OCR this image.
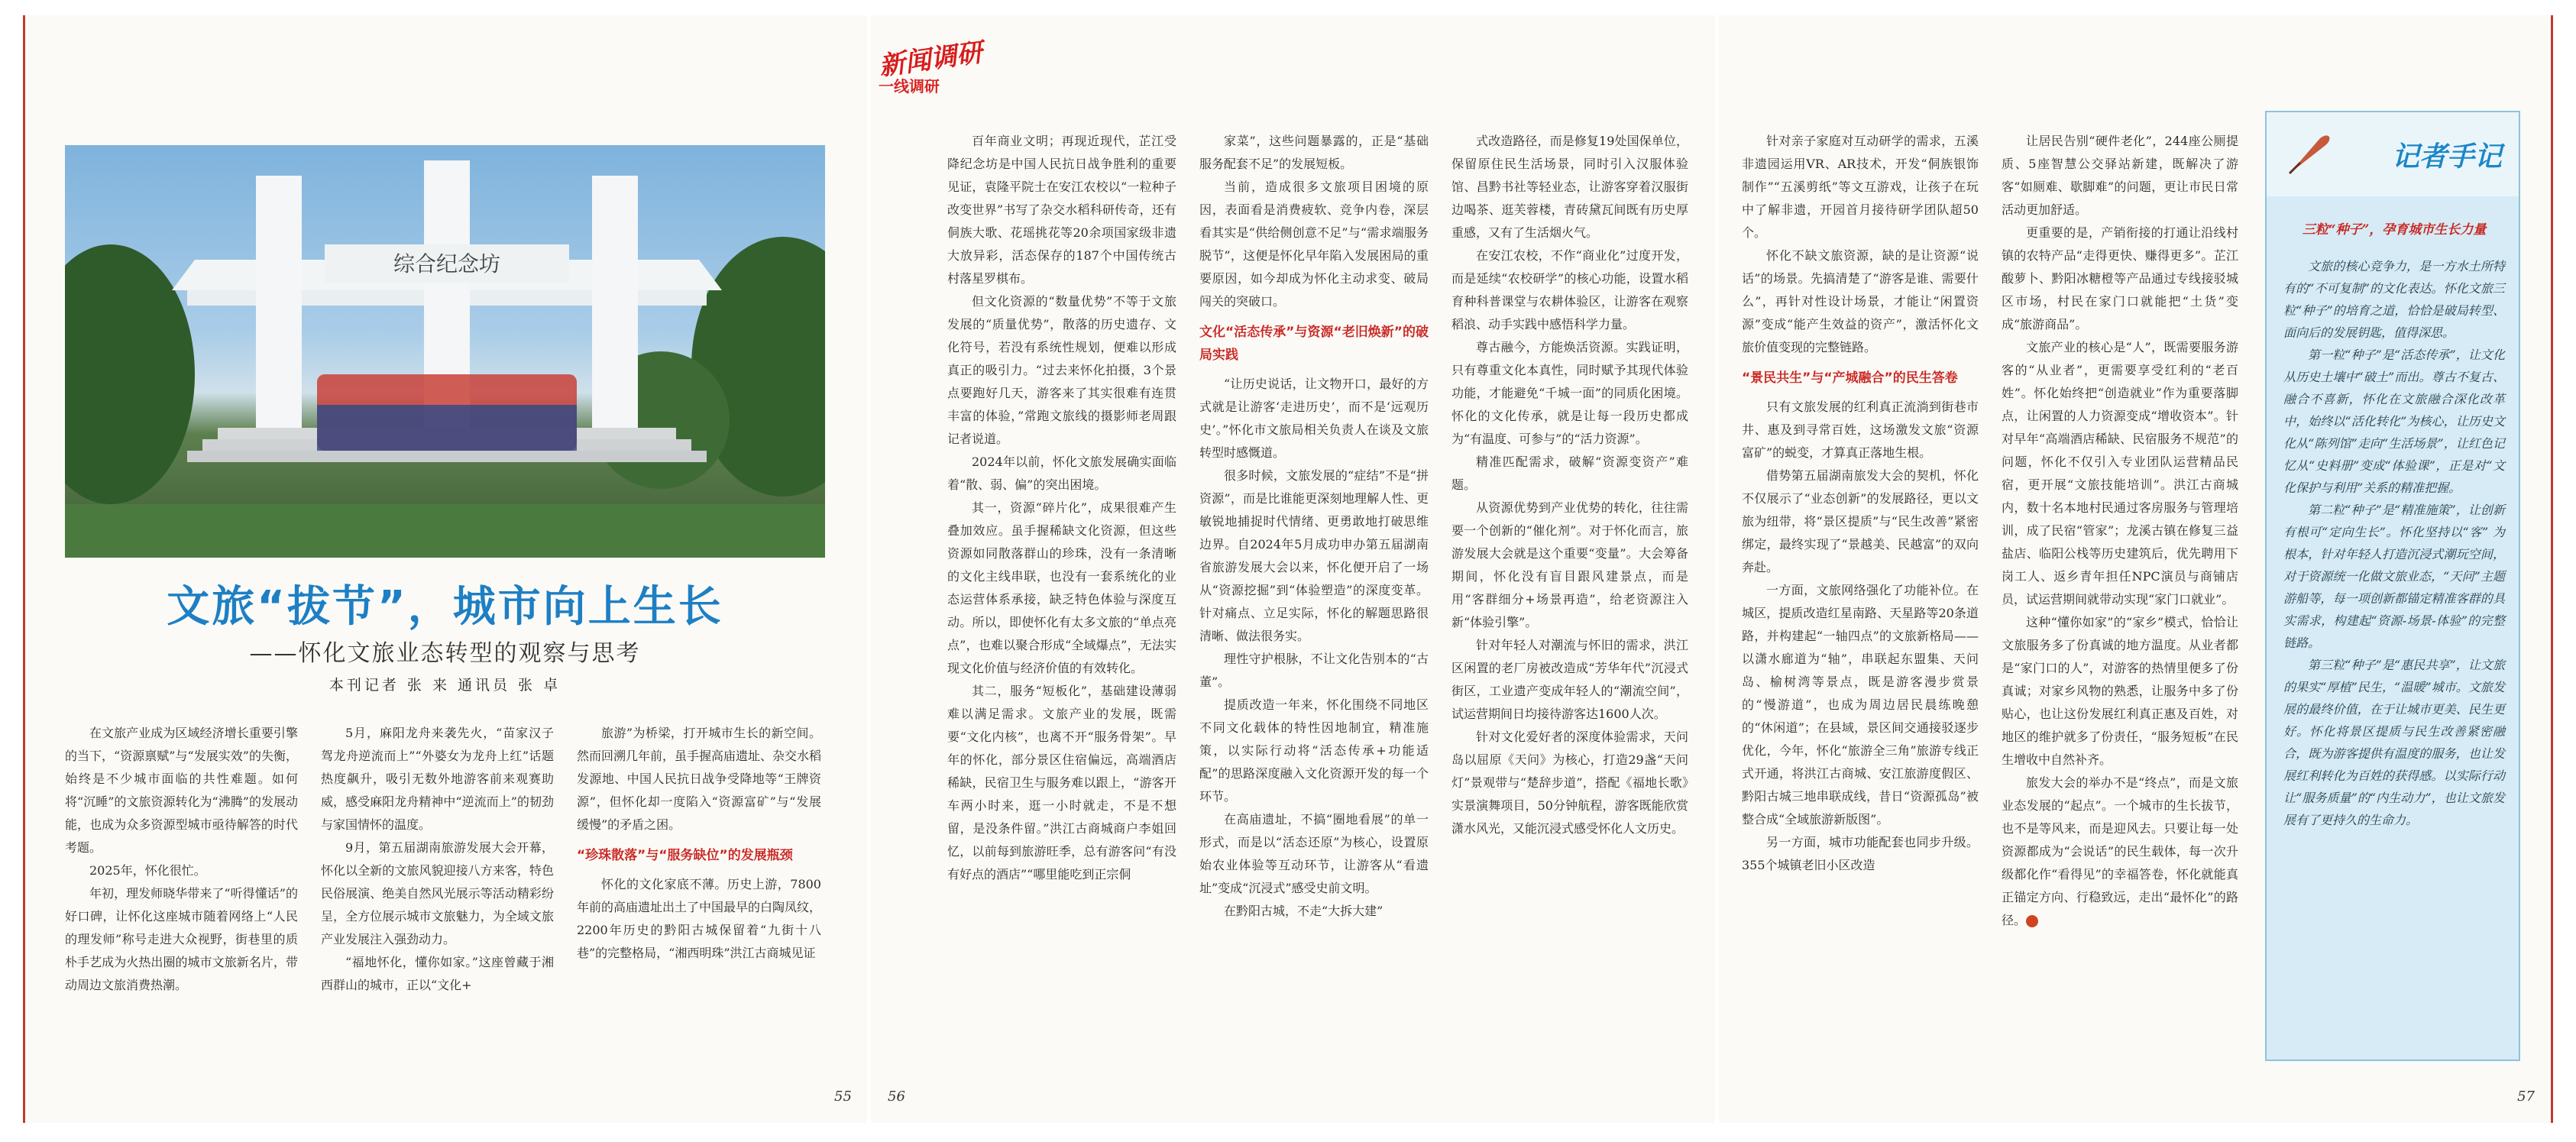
综合纪念坊
文旅“拔节”，城市向上生长
——怀化文旅业态转型的观察与思考
本刊记者 张 来 通讯员 张 卓

在文旅产业成为区域经济增长重要引擎的当下，“资源禀赋”与“发展实效”的失衡，始终是不少城市面临的共性难题。如何将“沉睡”的文旅资源转化为“沸腾”的发展动能，也成为众多资源型城市亟待解答的时代考题。

2025年，怀化很忙。

年初，理发师晓华带来了“听得懂话”的好口碑，让怀化这座城市随着网络上“人民的理发师”称号走进大众视野，街巷里的质朴手艺成为火热出圈的城市文旅新名片，带动周边文旅消费热潮。

5月，麻阳龙舟来袭先火，“苗家汉子驾龙舟逆流而上”“外婆女为龙舟上红”话题热度飙升，吸引无数外地游客前来观赛助威，感受麻阳龙舟精神中“逆流而上”的韧劲与家国情怀的温度。

9月，第五届湖南旅游发展大会开幕，怀化以全新的文旅风貌迎接八方来客，特色民俗展演、绝美自然风光展示等活动精彩纷呈，全方位展示城市文旅魅力，为全域文旅产业发展注入强劲动力。

“福地怀化，懂你如家。”这座曾藏于湘西群山的城市，正以“文化+

旅游”为桥梁，打开城市生长的新空间。然而回溯几年前，虽手握高庙遗址、杂交水稻发源地、中国人民抗日战争受降地等“王牌资源”，但怀化却一度陷入“资源富矿”与“发展缓慢”的矛盾之困。

“珍珠散落”与“服务缺位”的发展瓶颈

怀化的文化家底不薄。历史上游，7800年前的高庙遗址出土了中国最早的白陶凤纹，2200年历史的黔阳古城保留着“九街十八巷”的完整格局，“湘西明珠”洪江古商城见证

55
新闻调研
一线调研

百年商业文明；再现近现代，芷江受降纪念坊是中国人民抗日战争胜利的重要见证，袁隆平院士在安江农校以“一粒种子改变世界”书写了杂交水稻科研传奇，还有侗族大歌、花瑶挑花等20余项国家级非遗大放异彩，活态保存的187个中国传统古村落星罗棋布。

但文化资源的“数量优势”不等于文旅发展的“质量优势”，散落的历史遗存、文化符号，若没有系统性规划，便难以形成真正的吸引力。“过去来怀化拍摄，3个景点要跑好几天，游客来了其实很难有连贯丰富的体验，”常跑文旅线的摄影师老周跟记者说道。

2024年以前，怀化文旅发展确实面临着“散、弱、偏”的突出困境。

其一，资源“碎片化”，成果很难产生叠加效应。虽手握稀缺文化资源，但这些资源如同散落群山的珍珠，没有一条清晰的文化主线串联，也没有一套系统化的业态运营体系承接，缺乏特色体验与深度互动。所以，即使怀化有太多文旅的“单点亮点”，也难以聚合形成“全域爆点”，无法实现文化价值与经济价值的有效转化。

其二，服务“短板化”，基础建设薄弱难以满足需求。文旅产业的发展，既需要“文化内核”，也离不开“服务骨架”。早年的怀化，部分景区住宿偏远，高端酒店稀缺，民宿卫生与服务难以跟上，“游客开车两小时来，逛一小时就走，不是不想留，是没条件留。”洪江古商城商户李姐回忆，以前每到旅游旺季，总有游客问“有没有好点的酒店”“哪里能吃到正宗侗

家菜”，这些问题暴露的，正是“基础服务配套不足”的发展短板。

当前，造成很多文旅项目困境的原因，表面看是消费疲软、竞争内卷，深层看其实是“供给侧创意不足”与“需求端服务脱节”，这便是怀化早年陷入发展困局的重要原因，如今却成为怀化主动求变、破局闯关的突破口。

文化“活态传承”与资源“老旧焕新”的破局实践

“让历史说话，让文物开口，最好的方式就是让游客‘走进历史’，而不是‘远观历史’。”怀化市文旅局相关负责人在谈及文旅转型时感慨道。

很多时候，文旅发展的“症结”不是“拼资源”，而是比谁能更深刻地理解人性、更敏锐地捕捉时代情绪、更勇敢地打破思维边界。自2024年5月成功申办第五届湖南省旅游发展大会以来，怀化便开启了一场从“资源挖掘”到“体验塑造”的深度变革。针对痛点、立足实际，怀化的解题思路很清晰、做法很务实。

理性守护根脉，不让文化告别本的“古董”。

提质改造一年来，怀化围绕不同地区不同文化载体的特性因地制宜，精准施策，以实际行动将“活态传承+功能适配”的思路深度融入文化资源开发的每一个环节。

在高庙遗址，不搞“圈地看展”的单一形式，而是以“活态还原”为核心，设置原始农业体验等互动环节，让游客从“看遗址”变成“沉浸式”感受史前文明。

在黔阳古城，不走“大拆大建”

式改造路径，而是修复19处国保单位，保留原住民生活场景，同时引入汉服体验馆、昌黔书社等轻业态，让游客穿着汉服街边喝茶、逛芙蓉楼，青砖黛瓦间既有历史厚重感，又有了生活烟火气。

在安江农校，不作“商业化”过度开发，而是延续“农校研学”的核心功能，设置水稻育种科普课堂与农耕体验区，让游客在观察稻浪、动手实践中感悟科学力量。

尊古融今，方能焕活资源。实践证明，只有尊重文化本真性，同时赋予其现代体验功能，才能避免“千城一面”的同质化困境。怀化的文化传承，就是让每一段历史都成为“有温度、可参与”的“活力资源”。

精准匹配需求，破解“资源变资产”难题。

从资源优势到产业优势的转化，往往需要一个创新的“催化剂”。对于怀化而言，旅游发展大会就是这个重要“变量”。大会筹备期间，怀化没有盲目跟风建景点，而是用“客群细分+场景再造”，给老资源注入新“体验引擎”。

针对年轻人对潮流与怀旧的需求，洪江区闲置的老厂房被改造成“芳华年代”沉浸式街区，工业遗产变成年轻人的“潮流空间”，试运营期间日均接待游客达1600人次。

针对文化爱好者的深度体验需求，天问岛以屈原《天问》为核心，打造29盏“天问灯”景观带与“楚辞步道”，搭配《福地长歌》实景演舞项目，50分钟航程，游客既能欣赏潇水风光，又能沉浸式感受怀化人文历史。

56

针对亲子家庭对互动研学的需求，五溪非遗园运用VR、AR技术，开发“侗族银饰制作”“五溪剪纸”等文互游戏，让孩子在玩中了解非遗，开园首月接待研学团队超50个。

怀化不缺文旅资源，缺的是让资源“说话”的场景。先搞清楚了“游客是谁、需要什么”，再针对性设计场景，才能让“闲置资源”变成“能产生效益的资产”，激活怀化文旅价值变现的完整链路。

“景民共生”与“产城融合”的民生答卷

只有文旅发展的红利真正流淌到街巷市井、惠及到寻常百姓，这场激发文旅“资源富矿”的蜕变，才算真正落地生根。

借势第五届湖南旅发大会的契机，怀化不仅展示了“业态创新”的发展路径，更以文旅为纽带，将“景区提质”与“民生改善”紧密绑定，最终实现了“景越美、民越富”的双向奔赴。

一方面，文旅网络强化了功能补位。在城区，提质改造红星南路、天星路等20条道路，并构建起“一轴四点”的文旅新格局——以潇水廊道为“轴”，串联起东盟集、天问岛、榆树湾等景点，既是游客漫步赏景的“慢游道”，也成为周边居民晨练晚憩的“休闲道”；在县域，景区间交通接驳逐步优化，今年，怀化“旅游全三角”旅游专线正式开通，将洪江古商城、安江旅游度假区、黔阳古城三地串联成线，昔日“资源孤岛”被整合成“全域旅游新版图”。

另一方面，城市功能配套也同步升级。355个城镇老旧小区改造

让居民告别“硬件老化”，244座公厕提质、5座智慧公交驿站新建，既解决了游客“如厕难、歇脚难”的问题，更让市民日常活动更加舒适。

更重要的是，产销衔接的打通让沿线村镇的农特产品“走得更快、赚得更多”。芷江酸萝卜、黔阳冰糖橙等产品通过专线接驳城区市场，村民在家门口就能把“土货”变成“旅游商品”。

文旅产业的核心是“人”，既需要服务游客的“从业者”，更需要享受红利的“老百姓”。怀化始终把“创造就业”作为重要落脚点，让闲置的人力资源变成“增收资本”。针对早年“高端酒店稀缺、民宿服务不规范”的问题，怀化不仅引入专业团队运营精品民宿，更开展“文旅技能培训”。洪江古商城内，数十名本地村民通过客房服务与管理培训，成了民宿“管家”；龙溪古镇在修复三益盐店、临阳公栈等历史建筑后，优先聘用下岗工人、返乡青年担任NPC演员与商铺店员，试运营期间就带动实现“家门口就业”。

这种“懂你如家”的“家乡”模式，恰恰让文旅服务多了份真诚的地方温度。从业者都是“家门口的人”，对游客的热情里便多了份真诚；对家乡风物的熟悉，让服务中多了份贴心，也让这份发展红利真正惠及百姓，对地区的维护就多了份责任，“服务短板”在民生增收中自然补齐。

旅发大会的举办不是“终点”，而是文旅业态发展的“起点”。一个城市的生长拔节，也不是等风来，而是迎风去。只要让每一处资源都成为“会说话”的民生载体，每一次升级都化作“看得见”的幸福答卷，怀化就能真正锚定方向、行稳致远，走出“最怀化”的路径。

记者手记
三粒“种子”，孕育城市生长力量

文旅的核心竞争力，是一方水土所特有的“不可复制”的文化表达。怀化文旅三粒“种子”的培育之道，恰恰是破局转型、面向后的发展钥匙，值得深思。

第一粒“种子”是“活态传承”，让文化从历史土壤中“破土”而出。尊古不复古、融合不喜新，怀化在文旅融合深化改革中，始终以“活化转化”为核心，让历史文化从“陈列馆”走向“生活场景”，让红色记忆从“史料册”变成“体验课”，正是对“文化保护与利用”关系的精准把握。

第二粒“种子”是“精准施策”，让创新有根可“定向生长”。怀化坚持以“客” 为根本，针对年轻人打造沉浸式潮玩空间，对于资源统一化做文旅业态，“天问”主题游船等，每一项创新都锚定精准客群的具实需求，构建起“资源-场景-体验”的完整链路。

第三粒“种子”是“惠民共享”，让文旅的果实“厚植”民生，“温暖”城市。文旅发展的最终价值，在于让城市更美、民生更好。怀化将景区提质与民生改善紧密融合，既为游客提供有温度的服务，也让发展红利转化为百姓的获得感。以实际行动让“服务质量”的“内生动力”，也让文旅发展有了更持久的生命力。

57
